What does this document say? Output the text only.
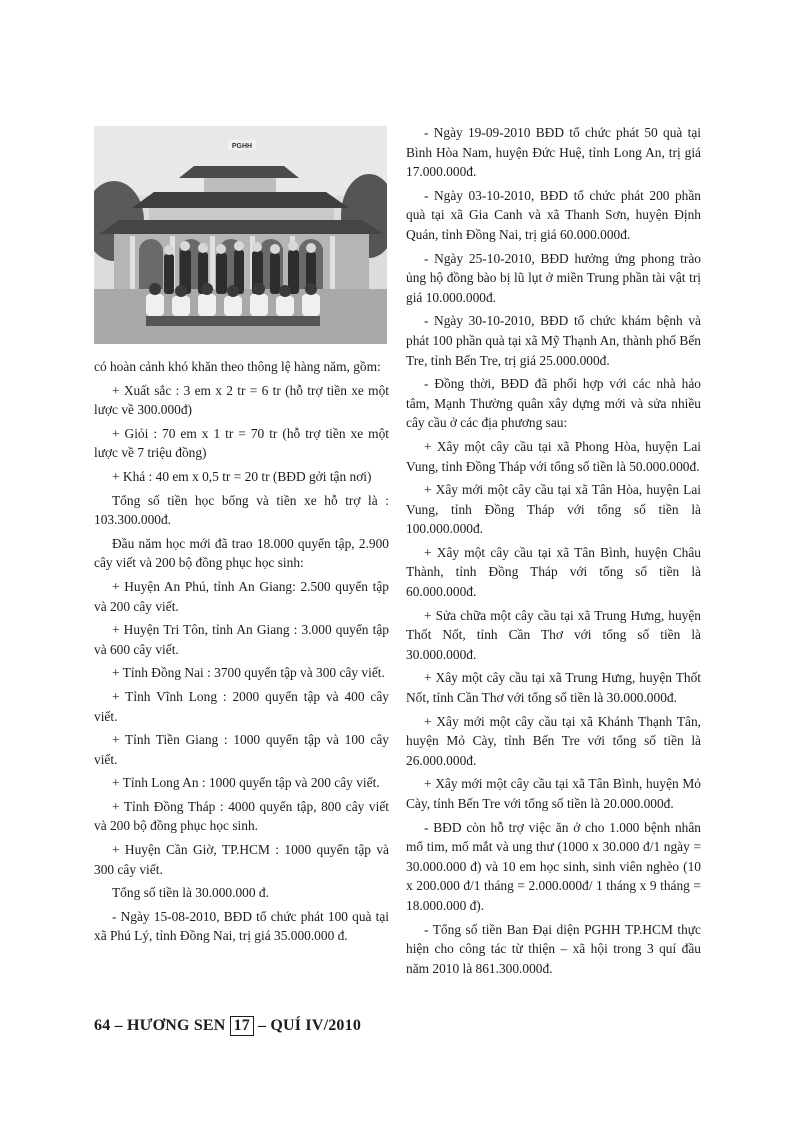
PGHH

có hoàn cảnh khó khăn theo thông lệ hàng năm, gồm:

+ Xuất sắc : 3 em x 2 tr = 6 tr (hỗ trợ tiền xe một lược về 300.000đ)

+ Giỏi : 70 em x 1 tr = 70 tr (hỗ trợ tiền xe một lược về 7 triệu đồng)

+ Khá : 40 em x 0,5 tr = 20 tr (BĐD gởi tận nơi)

Tổng số tiền học bổng và tiền xe hỗ trợ là : 103.300.000đ.

Đầu năm học mới đã trao 18.000 quyển tập, 2.900 cây viết và 200 bộ đồng phục học sinh:

+ Huyện An Phú, tỉnh An Giang: 2.500 quyển tập và 200 cây viết.

+ Huyện Tri Tôn, tỉnh An Giang : 3.000 quyển tập và 600 cây viết.

+ Tỉnh Đồng Nai : 3700 quyển tập và 300 cây viết.

+ Tỉnh Vĩnh Long : 2000 quyển tập và 400 cây viết.

+ Tỉnh Tiền Giang : 1000 quyển tập và 100 cây viết.

+ Tỉnh Long An : 1000 quyển tập và 200 cây viết.

+ Tỉnh Đồng Tháp : 4000 quyển tập, 800 cây viết và 200 bộ đồng phục học sinh.

+ Huyện Cần Giờ, TP.HCM : 1000 quyển tập và 300 cây viết.

Tổng số tiền là 30.000.000 đ.

- Ngày 15-08-2010, BĐD tổ chức phát 100 quà tại xã Phú Lý, tỉnh Đồng Nai, trị giá 35.000.000 đ.

- Ngày 19-09-2010 BĐD tổ chức phát 50 quà tại Bình Hòa Nam, huyện Đức Huệ, tỉnh Long An, trị giá 17.000.000đ.

- Ngày 03-10-2010, BĐD tổ chức phát 200 phần quà tại xã Gia Canh và xã Thanh Sơn, huyện Định Quán, tỉnh Đồng Nai, trị giá 60.000.000đ.

- Ngày 25-10-2010, BĐD hưởng ứng phong trào ủng hộ đồng bào bị lũ lụt ở miền Trung phần tài vật trị giá 10.000.000đ.

- Ngày 30-10-2010, BĐD tổ chức khám bệnh và phát 100 phần quà tại xã Mỹ Thạnh An, thành phố Bến Tre, tỉnh Bến Tre, trị giá 25.000.000đ.

- Đồng thời, BĐD đã phối hợp với các nhà hảo tâm, Mạnh Thường quân xây dựng mới và sửa nhiều cây cầu ở các địa phương sau:

+ Xây một cây cầu tại xã Phong Hòa, huyện Lai Vung, tỉnh Đồng Tháp với tổng số tiền là 50.000.000đ.

+ Xây mới một cây cầu tại xã Tân Hòa, huyện Lai Vung, tỉnh Đồng Tháp với tổng số tiền là 100.000.000đ.

+ Xây một cây cầu tại xã Tân Bình, huyện Châu Thành, tỉnh Đồng Tháp với tổng số tiền là 60.000.000đ.

+ Sửa chữa một cây cầu tại xã Trung Hưng, huyện Thốt Nốt, tỉnh Cần Thơ với tổng số tiền là 30.000.000đ.

+ Xây một cây cầu tại xã Trung Hưng, huyện Thốt Nốt, tỉnh Cần Thơ với tổng số tiền là 30.000.000đ.

+ Xây mới một cây cầu tại xã Khánh Thạnh Tân, huyện Mỏ Cày, tỉnh Bến Tre với tổng số tiền là 26.000.000đ.

+ Xây mới một cây cầu tại xã Tân Bình, huyện Mỏ Cày, tỉnh Bến Tre với tổng số tiền là 20.000.000đ.

- BĐD còn hỗ trợ việc ăn ở cho 1.000 bệnh nhân mổ tim, mổ mắt và ung thư (1000 x 30.000 đ/1 ngày = 30.000.000 đ) và 10 em học sinh, sinh viên nghèo (10 x 200.000 đ/1 tháng = 2.000.000đ/ 1 tháng x 9 tháng = 18.000.000 đ).

- Tổng số tiền Ban Đại diện PGHH TP.HCM thực hiện cho công tác từ thiện – xã hội trong 3 quí đầu năm 2010 là 861.300.000đ.

64 – HƯƠNG SEN 17 – QUÍ IV/2010
